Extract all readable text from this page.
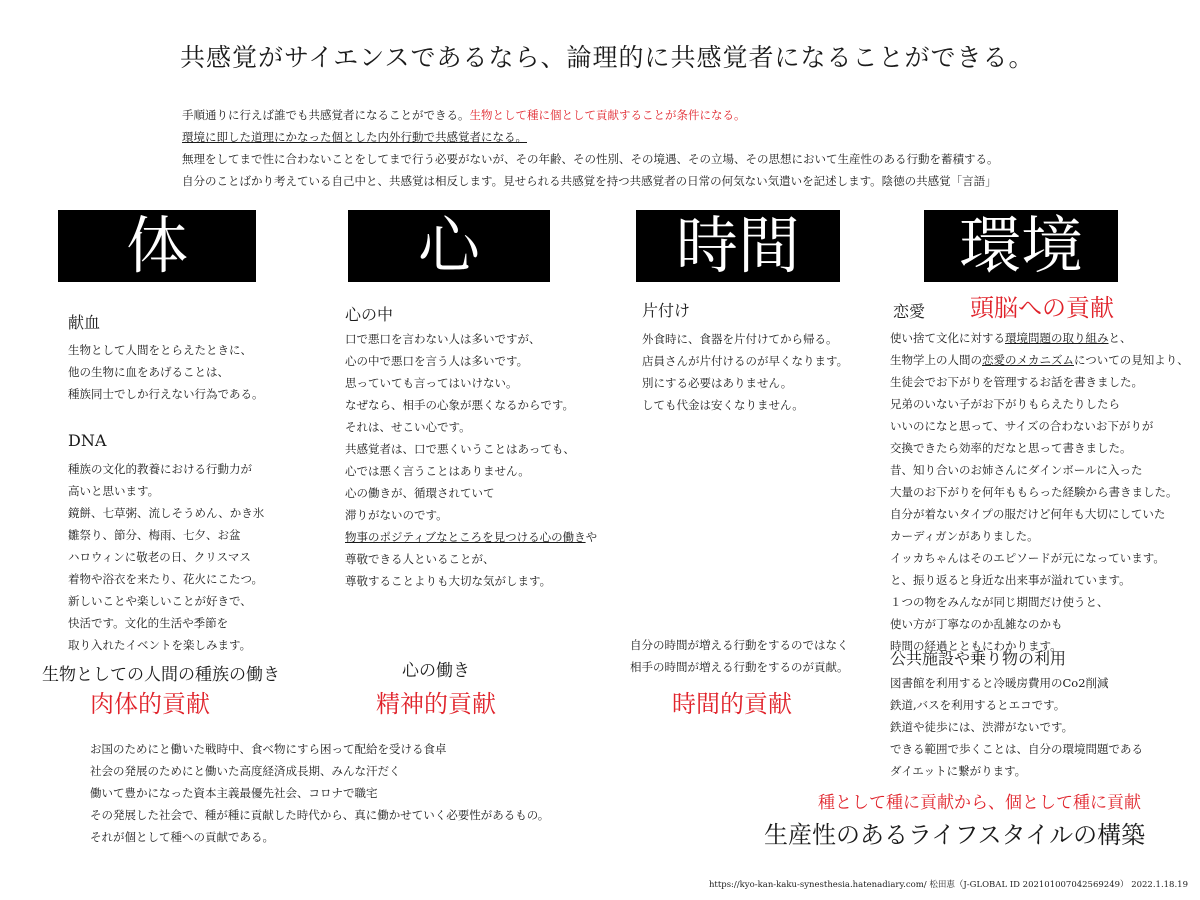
共感覚がサイエンスであるなら、論理的に共感覚者になることができる。
手順通りに行えば誰でも共感覚者になることができる。生物として種に個として貢献することが条件になる。
環境に即した道理にかなった個とした内外行動で共感覚者になる。
無理をしてまで性に合わないことをしてまで行う必要がないが、その年齢、その性別、その境遇、その立場、その思想において生産性のある行動を蓄積する。
自分のことばかり考えている自己中と、共感覚は相反します。見せられる共感覚を持つ共感覚者の日常の何気ない気遣いを記述します。陰徳の共感覚「言語」
体	心	時間	環境
献血
生物として人間をとらえたときに、
他の生物に血をあげることは、
種族同士でしか行えない行為である。
DNA
種族の文化的教養における行動力が
高いと思います。
鏡餅、七草粥、流しそうめん、かき氷
雛祭り、節分、梅雨、七夕、お盆
ハロウィンに敬老の日、クリスマス
着物や浴衣を来たり、花火にこたつ。
新しいことや楽しいことが好きで、
快活です。文化的生活や季節を
取り入れたイベントを楽しみます。
生物としての人間の種族の働き
肉体的貢献
心の中
口で悪口を言わない人は多いですが、
心の中で悪口を言う人は多いです。
思っていても言ってはいけない。
なぜなら、相手の心象が悪くなるからです。
それは、せこい心です。
共感覚者は、口で悪くいうことはあっても、
心では悪く言うことはありません。
心の働きが、循環されていて
滞りがないのです。
物事のポジティブなところを見つける心の働きや
尊敬できる人といることが、
尊敬することよりも大切な気がします。
心の働き
精神的貢献
片付け
外食時に、食器を片付けてから帰る。
店員さんが片付けるのが早くなります。
別にする必要はありません。
しても代金は安くなりません。
自分の時間が増える行動をするのではなく
相手の時間が増える行動をするのが貢献。
時間的貢献
恋愛 頭脳への貢献
使い捨て文化に対する環境問題の取り組みと、
生物学上の人間の恋愛のメカニズムについての見知より、
生徒会でお下がりを管理するお話を書きました。
兄弟のいない子がお下がりもらえたりしたら
いいのになと思って、サイズの合わないお下がりが
交換できたら効率的だなと思って書きました。
昔、知り合いのお姉さんにダインボールに入った
大量のお下がりを何年ももらった経験から書きました。
自分が着ないタイプの服だけど何年も大切にしていた
カーディガンがありました。
イッカちゃんはそのエピソードが元になっています。
と、振り返ると身近な出来事が溢れています。
１つの物をみんなが同じ期間だけ使うと、
使い方が丁寧なのか乱雑なのかも
時間の経過とともにわかります。
公共施設や乗り物の利用
図書館を利用すると冷暖房費用のCo2削減
鉄道,バスを利用するとエコです。
鉄道や徒歩には、渋滞がないです。
できる範囲で歩くことは、自分の環境問題である
ダイエットに繋がります。
お国のためにと働いた戦時中、食べ物にすら困って配給を受ける食卓
社会の発展のためにと働いた高度経済成長期、みんな汗だく
働いて豊かになった資本主義最優先社会、コロナで職宅
その発展した社会で、種が種に貢献した時代から、真に働かせていく必要性があるもの。
それが個として種への貢献である。
種として種に貢献から、個として種に貢献
生産性のあるライフスタイルの構築
https://kyo-kan-kaku-synesthesia.hatenadiary.com/ 松田恵（J-GLOBAL ID 202101007042569249） 2022.1.18.19
